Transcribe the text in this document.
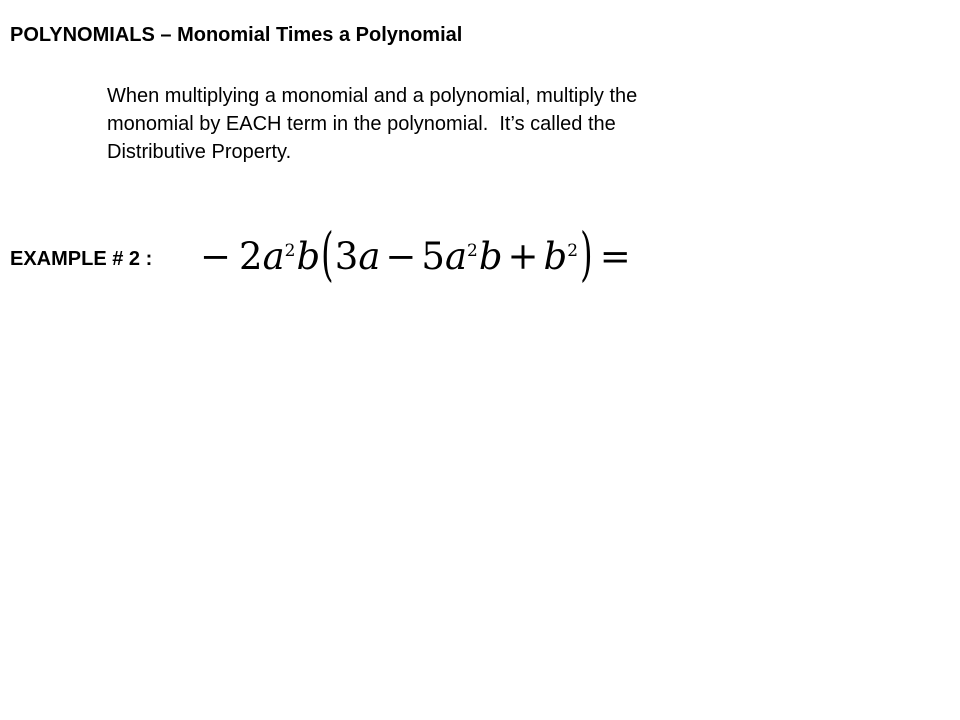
POLYNOMIALS – Monomial Times a Polynomial
When multiplying a monomial and a polynomial, multiply the
monomial by EACH term in the polynomial.  It’s called the
Distributive Property.
EXAMPLE # 2 : − 2 $a^2$ b ( 3 a − 5 $a^2$ $b + b^2$ ) =
